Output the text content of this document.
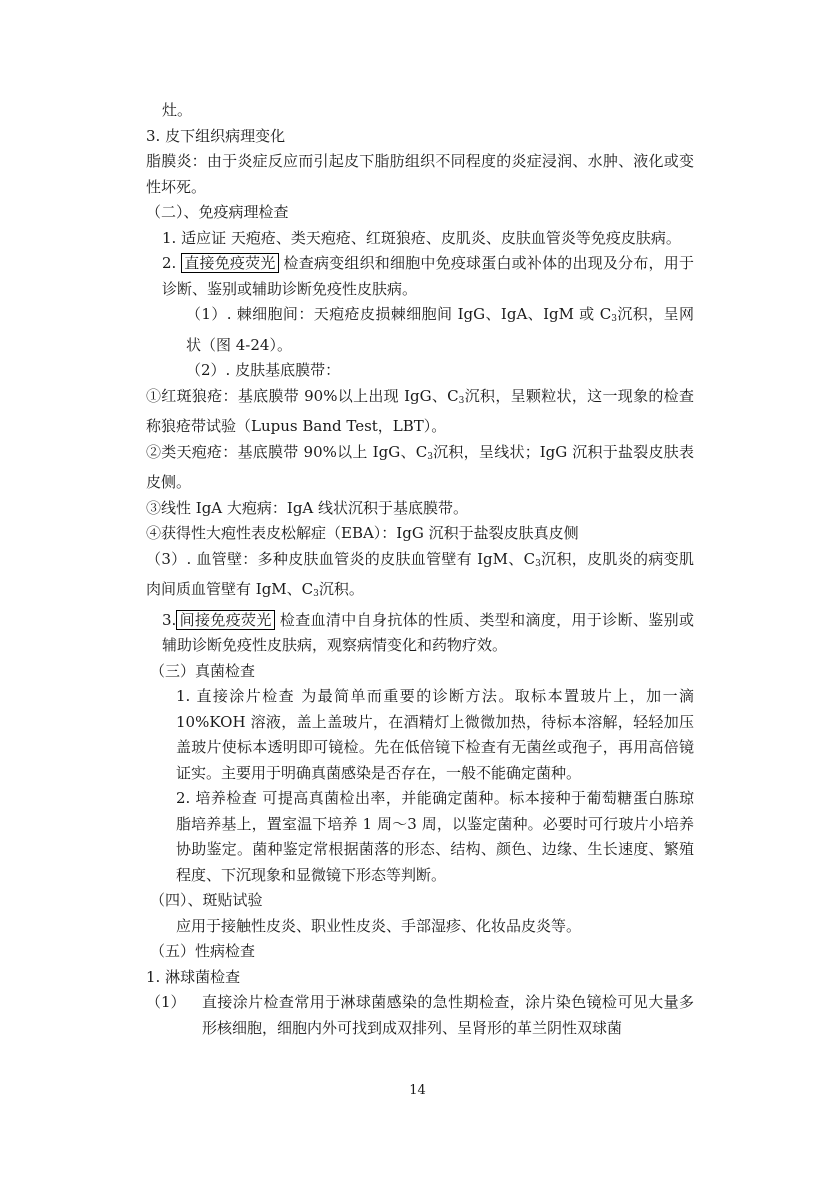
灶。

3. 皮下组织病理变化

脂膜炎：由于炎症反应而引起皮下脂肪组织不同程度的炎症浸润、水肿、液化或变性坏死。

（二）、免疫病理检查

1. 适应证 天疱疮、类天疱疮、红斑狼疮、皮肌炎、皮肤血管炎等免疫皮肤病。

2. 直接免疫荧光 检查病变组织和细胞中免疫球蛋白或补体的出现及分布，用于诊断、鉴别或辅助诊断免疫性皮肤病。

（1）. 棘细胞间：天疱疮皮损棘细胞间 IgG、IgA、IgM 或 $C_3$沉积，呈网状（图 4-24）。

（2）. 皮肤基底膜带：

①红斑狼疮：基底膜带 90%以上出现 IgG、$C_3$沉积，呈颗粒状，这一现象的检查称狼疮带试验（Lupus Band Test，LBT）。

②类天疱疮：基底膜带 90%以上 IgG、$C_3$沉积，呈线状；IgG 沉积于盐裂皮肤表皮侧。

③线性 IgA 大疱病：IgA 线状沉积于基底膜带。

④获得性大疱性表皮松解症（EBA）：IgG 沉积于盐裂皮肤真皮侧

（3）. 血管壁：多种皮肤血管炎的皮肤血管壁有 IgM、$C_3$沉积，皮肌炎的病变肌肉间质血管壁有 IgM、$C_3$沉积。

3. 间接免疫荧光 检查血清中自身抗体的性质、类型和滴度，用于诊断、鉴别或辅助诊断免疫性皮肤病，观察病情变化和药物疗效。

（三）真菌检查

1. 直接涂片检查 为最简单而重要的诊断方法。取标本置玻片上，加一滴 10%KOH 溶液，盖上盖玻片，在酒精灯上微微加热，待标本溶解，轻轻加压盖玻片使标本透明即可镜检。先在低倍镜下检查有无菌丝或孢子，再用高倍镜证实。主要用于明确真菌感染是否存在，一般不能确定菌种。

2. 培养检查 可提高真菌检出率，并能确定菌种。标本接种于葡萄糖蛋白胨琼脂培养基上，置室温下培养 1 周～3 周，以鉴定菌种。必要时可行玻片小培养协助鉴定。菌种鉴定常根据菌落的形态、结构、颜色、边缘、生长速度、繁殖程度、下沉现象和显微镜下形态等判断。

（四）、斑贴试验

应用于接触性皮炎、职业性皮炎、手部湿疹、化妆品皮炎等。

（五）性病检查

1. 淋球菌检查

（1）	直接涂片检查常用于淋球菌感染的急性期检查，涂片染色镜检可见大量多形核细胞，细胞内外可找到成双排列、呈肾形的革兰阴性双球菌
14
